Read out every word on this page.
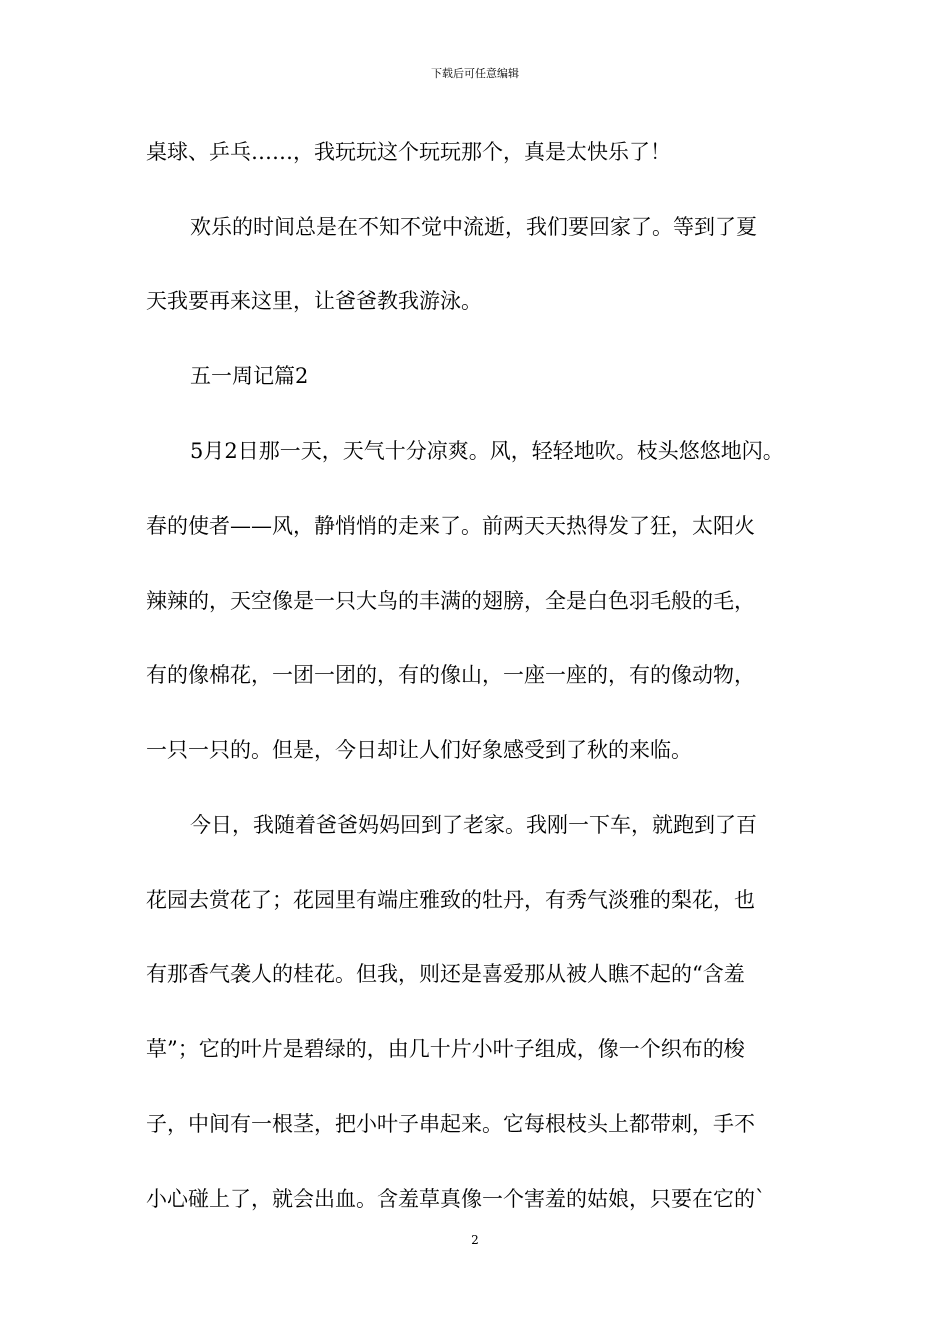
下载后可任意编辑
桌球、乒乓……，我玩玩这个玩玩那个，真是太快乐了！
欢乐的时间总是在不知不觉中流逝，我们要回家了。等到了夏
天我要再来这里，让爸爸教我游泳。
五一周记篇2
5月2日那一天，天气十分凉爽。风，轻轻地吹。枝头悠悠地闪。
春的使者——风，静悄悄的走来了。前两天天热得发了狂，太阳火
辣辣的，天空像是一只大鸟的丰满的翅膀，全是白色羽毛般的毛，
有的像棉花，一团一团的，有的像山，一座一座的，有的像动物，
一只一只的。但是，今日却让人们好象感受到了秋的来临。
今日，我随着爸爸妈妈回到了老家。我刚一下车，就跑到了百
花园去赏花了；花园里有端庄雅致的牡丹，有秀气淡雅的梨花，也
有那香气袭人的桂花。但我，则还是喜爱那从被人瞧不起的“含羞
草”；它的叶片是碧绿的，由几十片小叶子组成，像一个织布的梭
子，中间有一根茎，把小叶子串起来。它每根枝头上都带刺，手不
小心碰上了，就会出血。含羞草真像一个害羞的姑娘，只要在它的`
2
